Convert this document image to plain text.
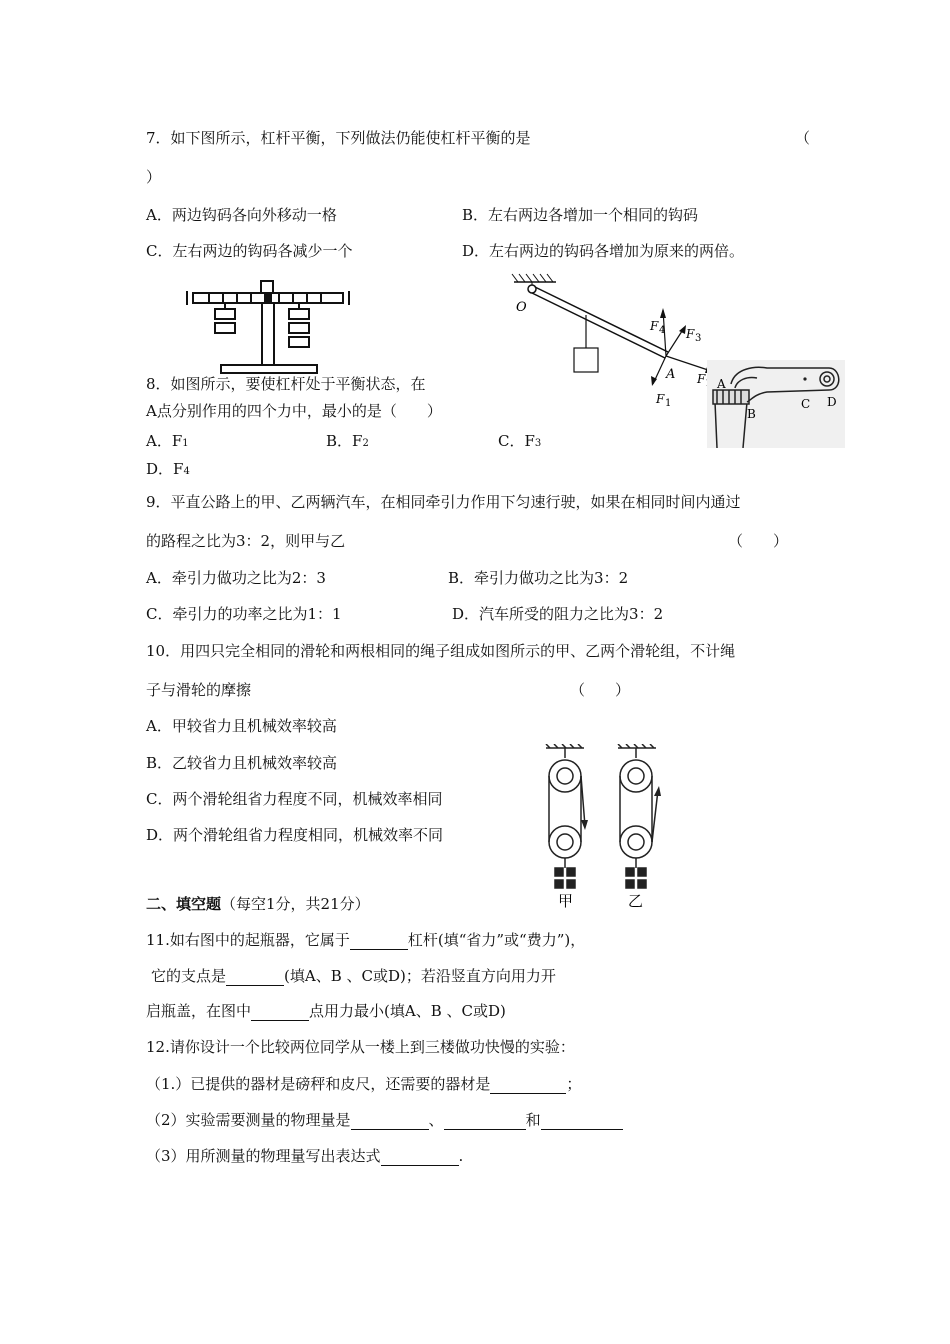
7．如下图所示，杠杆平衡，下列做法仍能使杠杆平衡的是	（
）
A．两边钩码各向外移动一格	B．左右两边各增加一个相同的钩码
C．左右两边的钩码各减少一个	D．左右两边的钩码各增加为原来的两倍。
O
A
F 4 F 3
F
F 1
A
B
C D
8．如图所示，要使杠杆处于平衡状态，在
A点分别作用的四个力中，最小的是（　　）
A．F1	B．F2	C．F3
D．F4
9．平直公路上的甲、乙两辆汽车，在相同牵引力作用下匀速行驶，如果在相同时间内通过
的路程之比为3：2，则甲与乙	（　　）
A．牵引力做功之比为2：3	B．牵引力做功之比为3：2
C．牵引力的功率之比为1：1	D．汽车所受的阻力之比为3：2
10．用四只完全相同的滑轮和两根相同的绳子组成如图所示的甲、乙两个滑轮组，不计绳
子与滑轮的摩擦	（　　）
A．甲较省力且机械效率较高
B．乙较省力且机械效率较高
C．两个滑轮组省力程度不同，机械效率相同
D．两个滑轮组省力程度相同，机械效率不同
甲	乙
二、填空题（每空1分，共21分）
11.如右图中的起瓶器，它属于	杠杆(填“省力”或“费力”)，
它的支点是	(填A、B 、C或D)；若沿竖直方向用力开
启瓶盖，在图中	点用力最小(填A、B 、C或D)
12.请你设计一个比较两位同学从一楼上到三楼做功快慢的实验：
（1.）已提供的器材是磅秤和皮尺，还需要的器材是	；
（2）实验需要测量的物理量是	、	和
（3）用所测量的物理量写出表达式	.
